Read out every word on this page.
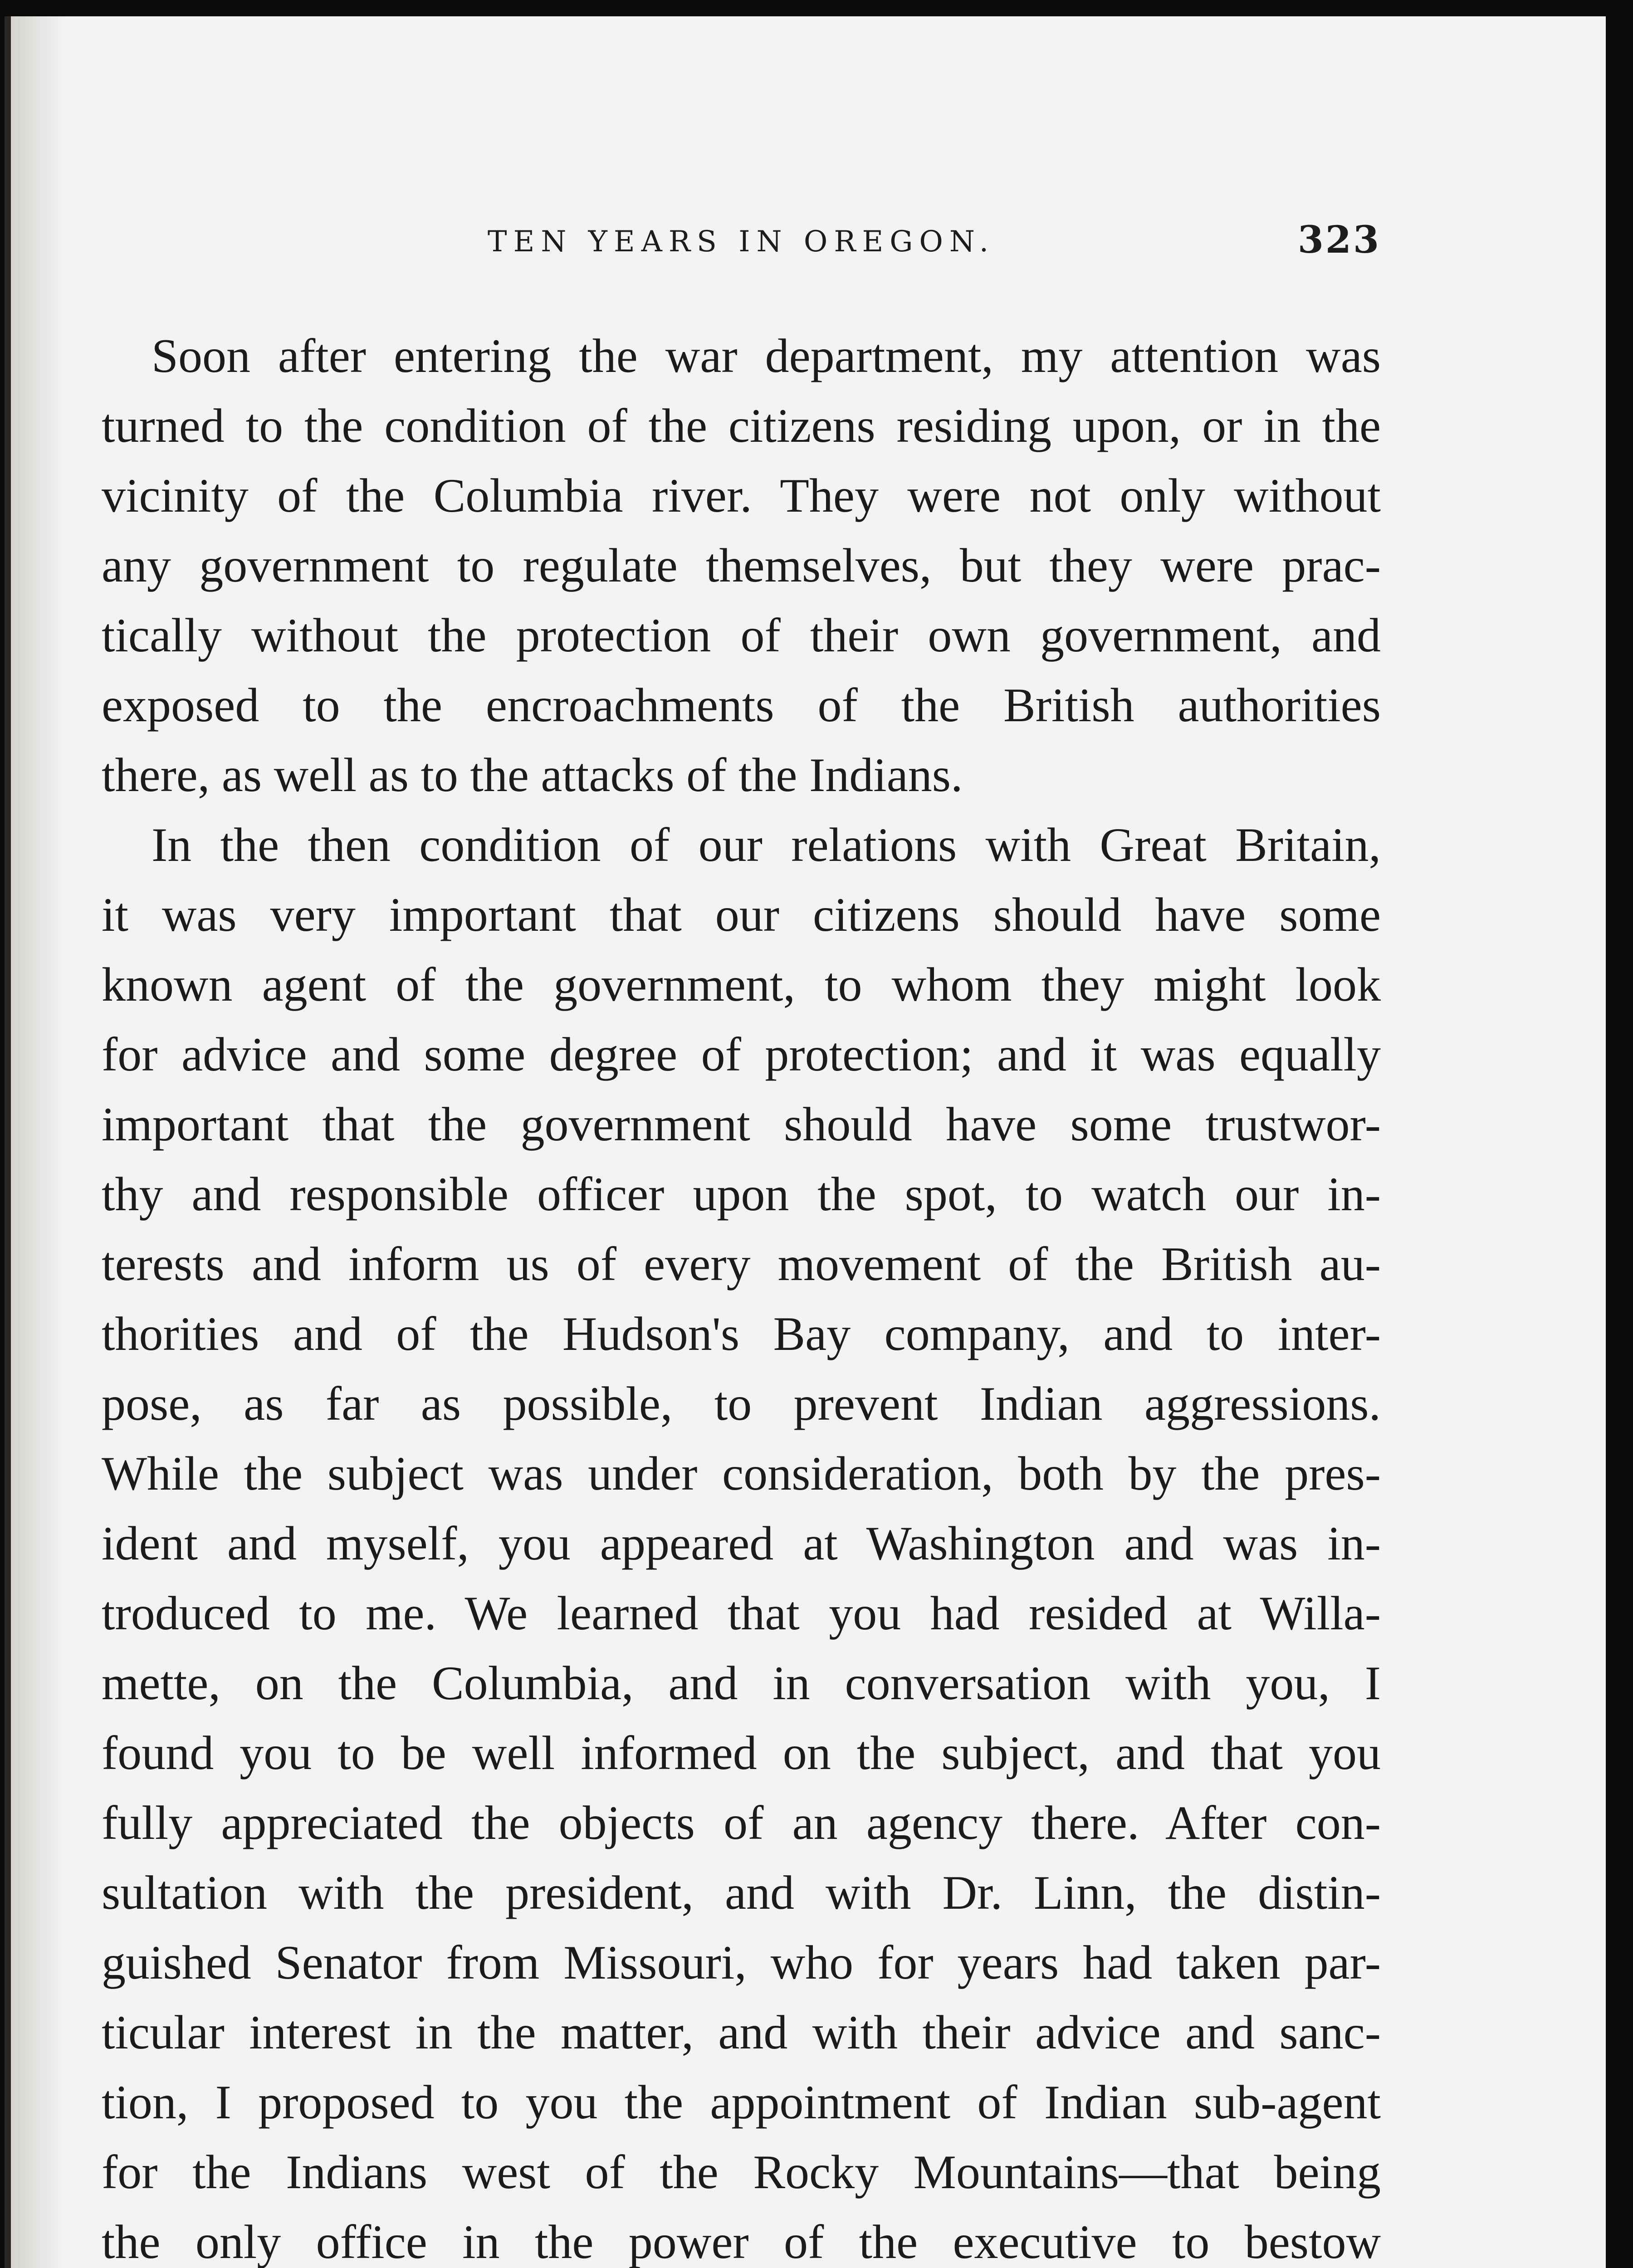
TEN YEARS IN OREGON.	323
Soon after entering the war department, my attention was
turned to the condition of the citizens residing upon, or in the
vicinity of the Columbia river. They were not only without
any government to regulate themselves, but they were prac-
tically without the protection of their own government, and
exposed to the encroachments of the British authorities
there, as well as to the attacks of the Indians.
In the then condition of our relations with Great Britain,
it was very important that our citizens should have some
known agent of the government, to whom they might look
for advice and some degree of protection; and it was equally
important that the government should have some trustwor-
thy and responsible officer upon the spot, to watch our in-
terests and inform us of every movement of the British au-
thorities and of the Hudson's Bay company, and to inter-
pose, as far as possible, to prevent Indian aggressions.
While the subject was under consideration, both by the pres-
ident and myself, you appeared at Washington and was in-
troduced to me. We learned that you had resided at Willa-
mette, on the Columbia, and in conversation with you, I
found you to be well informed on the subject, and that you
fully appreciated the objects of an agency there. After con-
sultation with the president, and with Dr. Linn, the distin-
guished Senator from Missouri, who for years had taken par-
ticular interest in the matter, and with their advice and sanc-
tion, I proposed to you the appointment of Indian sub-agent
for the Indians west of the Rocky Mountains—that being
the only office in the power of the executive to bestow
